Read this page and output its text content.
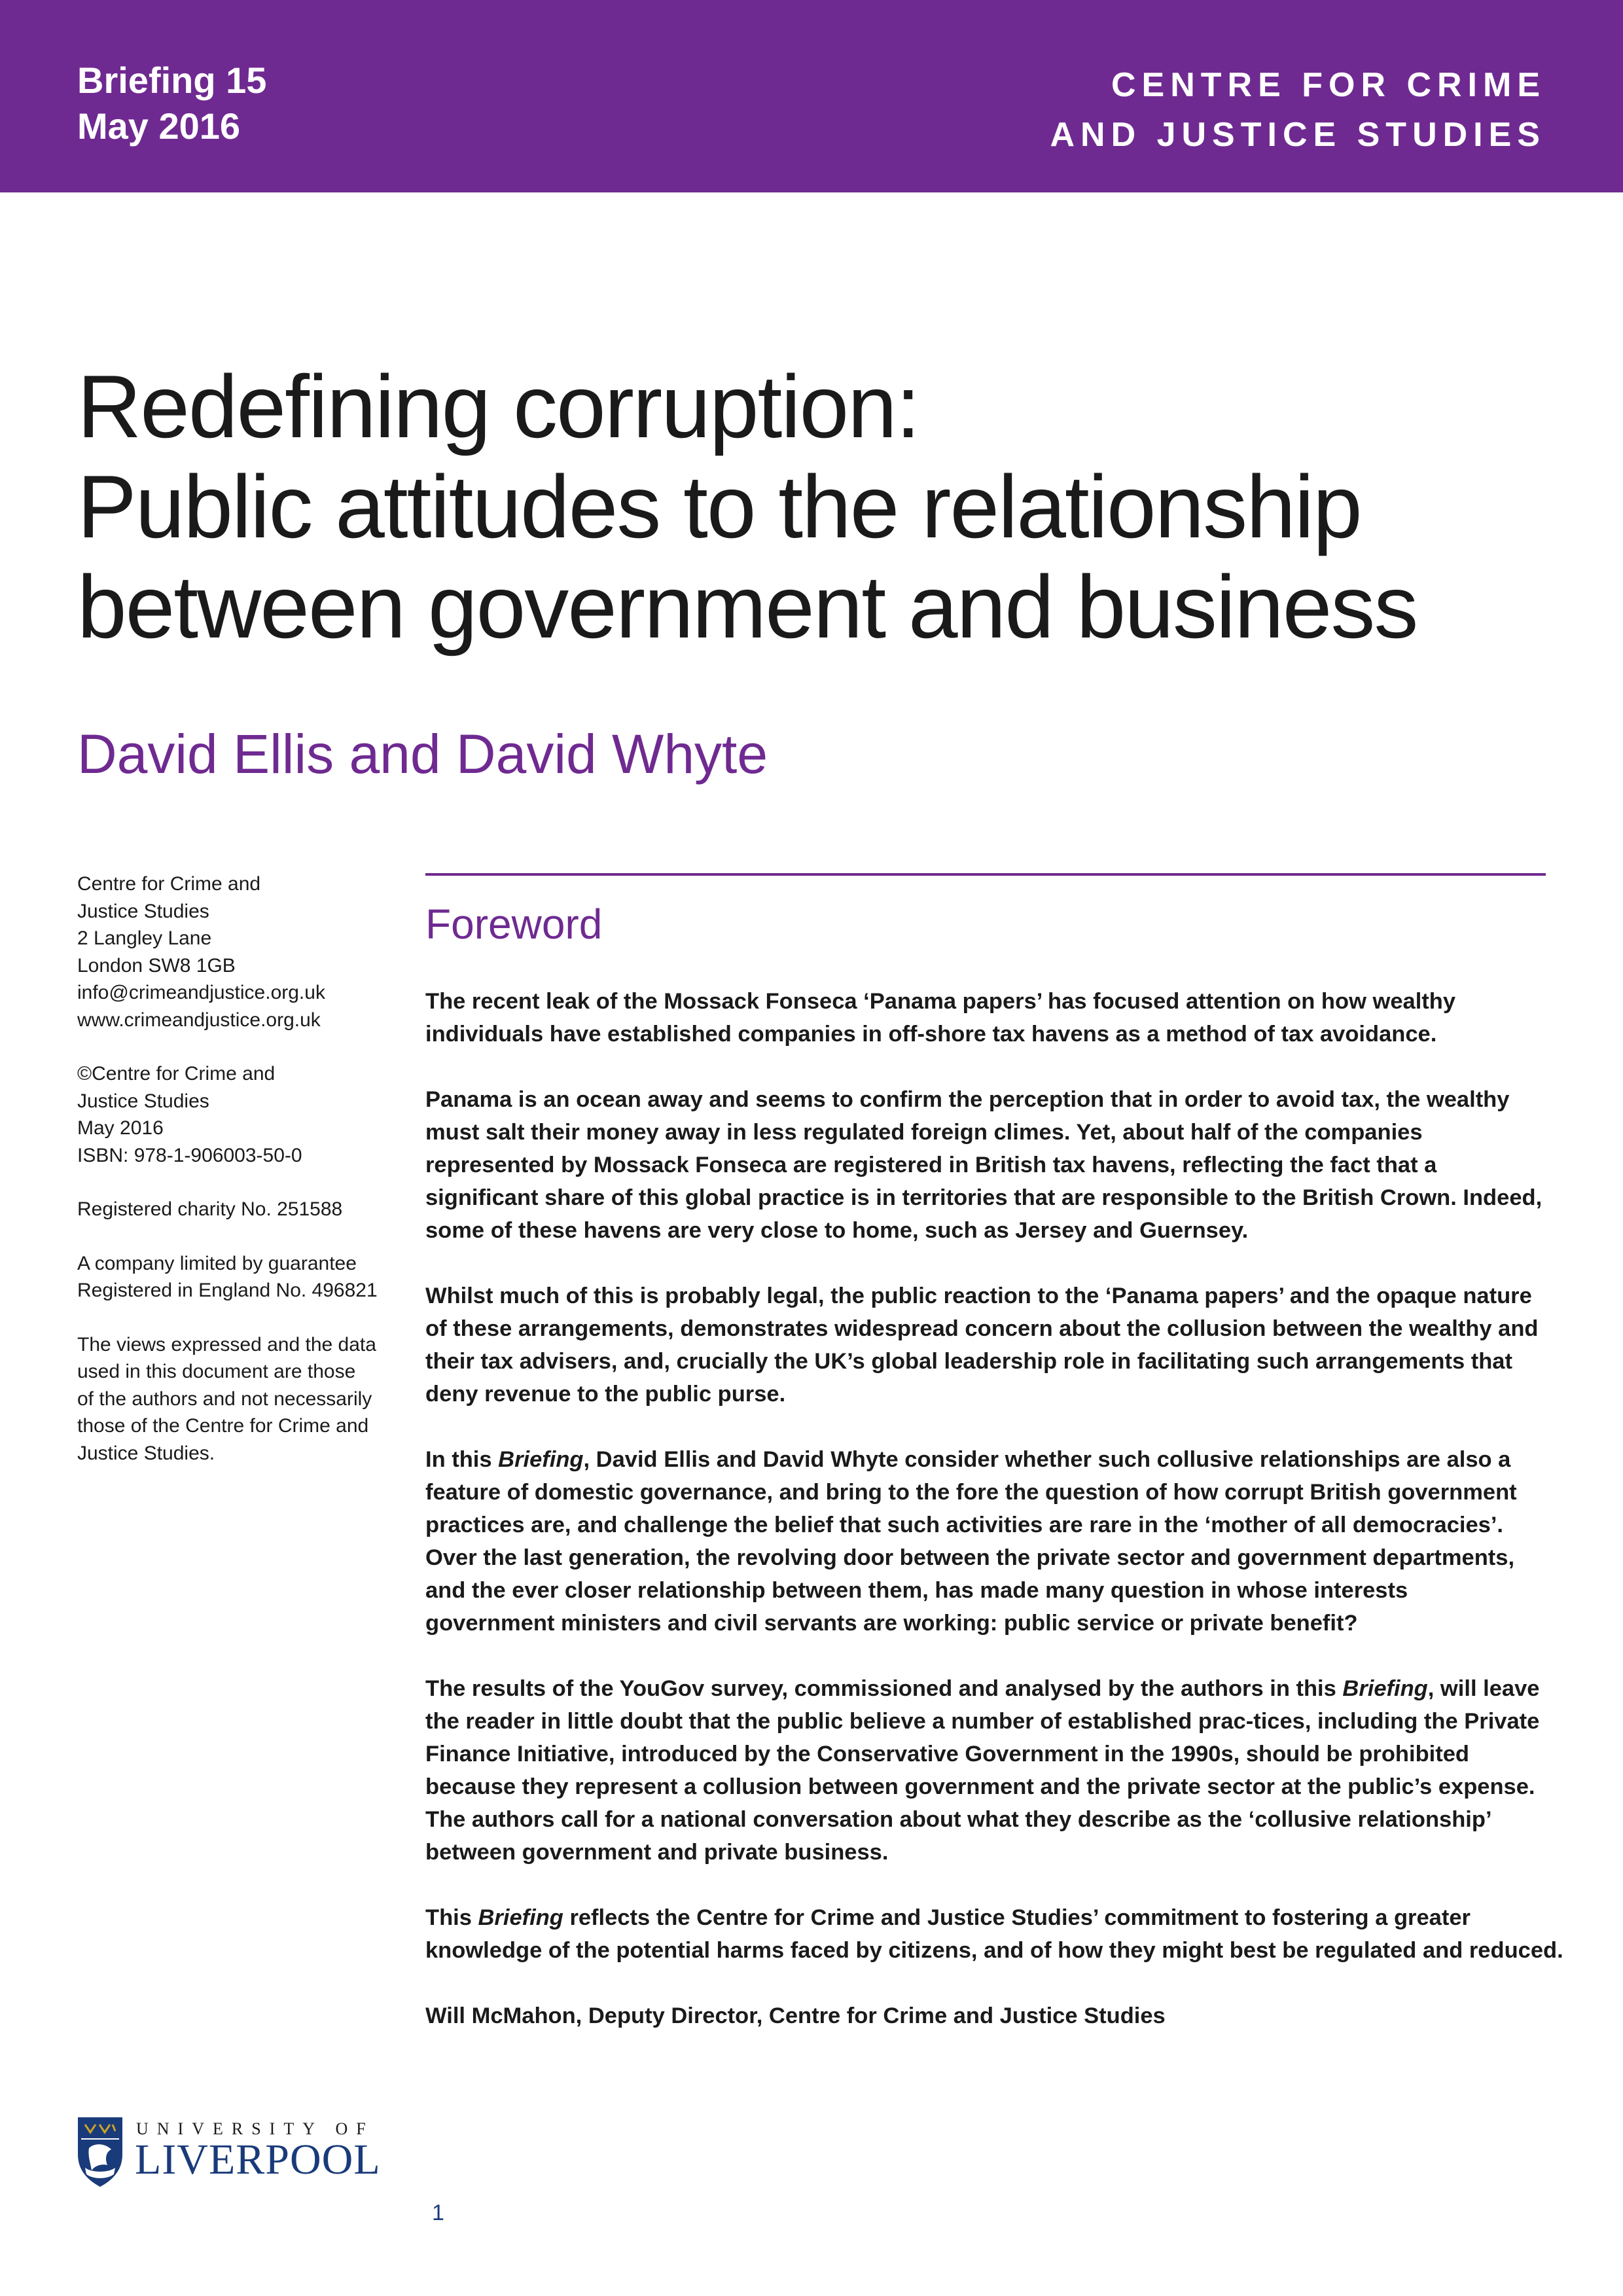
Briefing 15
May 2016
CENTRE FOR CRIME
AND JUSTICE STUDIES
Redefining corruption:
Public attitudes to the relationship
between government and business
David Ellis and David Whyte
Centre for Crime and
Justice Studies
2 Langley Lane
London SW8 1GB
info@crimeandjustice.org.uk
www.crimeandjustice.org.uk
©Centre for Crime and
Justice Studies
May 2016
ISBN: 978-1-906003-50-0
Registered charity No. 251588
A company limited by guarantee
Registered in England No. 496821
The views expressed and the data
used in this document are those
of the authors and not necessarily
those of the Centre for Crime and
Justice Studies.
Foreword

The recent leak of the Mossack Fonseca ‘Panama papers’ has focused attention on how wealthy
individuals have established companies in off-shore tax havens as a method of tax avoidance.

Panama is an ocean away and seems to confirm the perception that in order to avoid tax, the wealthy
must salt their money away in less regulated foreign climes. Yet, about half of the companies
represented by Mossack Fonseca are registered in British tax havens, reflecting the fact that a
significant share of this global practice is in territories that are responsible to the British Crown. Indeed,
some of these havens are very close to home, such as Jersey and Guernsey.

Whilst much of this is probably legal, the public reaction to the ‘Panama papers’ and the opaque nature
of these arrangements, demonstrates widespread concern about the collusion between the wealthy and
their tax advisers, and, crucially the UK’s global leadership role in facilitating such arrangements that
deny revenue to the public purse.

In this Briefing, David Ellis and David Whyte consider whether such collusive relationships are also a
feature of domestic governance, and bring to the fore the question of how corrupt British government
practices are, and challenge the belief that such activities are rare in the ‘mother of all democracies’.
Over the last generation, the revolving door between the private sector and government departments,
and the ever closer relationship between them, has made many question in whose interests
government ministers and civil servants are working: public service or private benefit?

The results of the YouGov survey, commissioned and analysed by the authors in this Briefing, will leave
the reader in little doubt that the public believe a number of established prac-tices, including the Private
Finance Initiative, introduced by the Conservative Government in the 1990s, should be prohibited
because they represent a collusion between government and the private sector at the public’s expense.
The authors call for a national conversation about what they describe as the ‘collusive relationship’
between government and private business.

This Briefing reflects the Centre for Crime and Justice Studies’ commitment to fostering a greater
knowledge of the potential harms faced by citizens, and of how they might best be regulated and reduced.

Will McMahon, Deputy Director, Centre for Crime and Justice Studies

UNIVERSITY OF
LIVERPOOL
1
